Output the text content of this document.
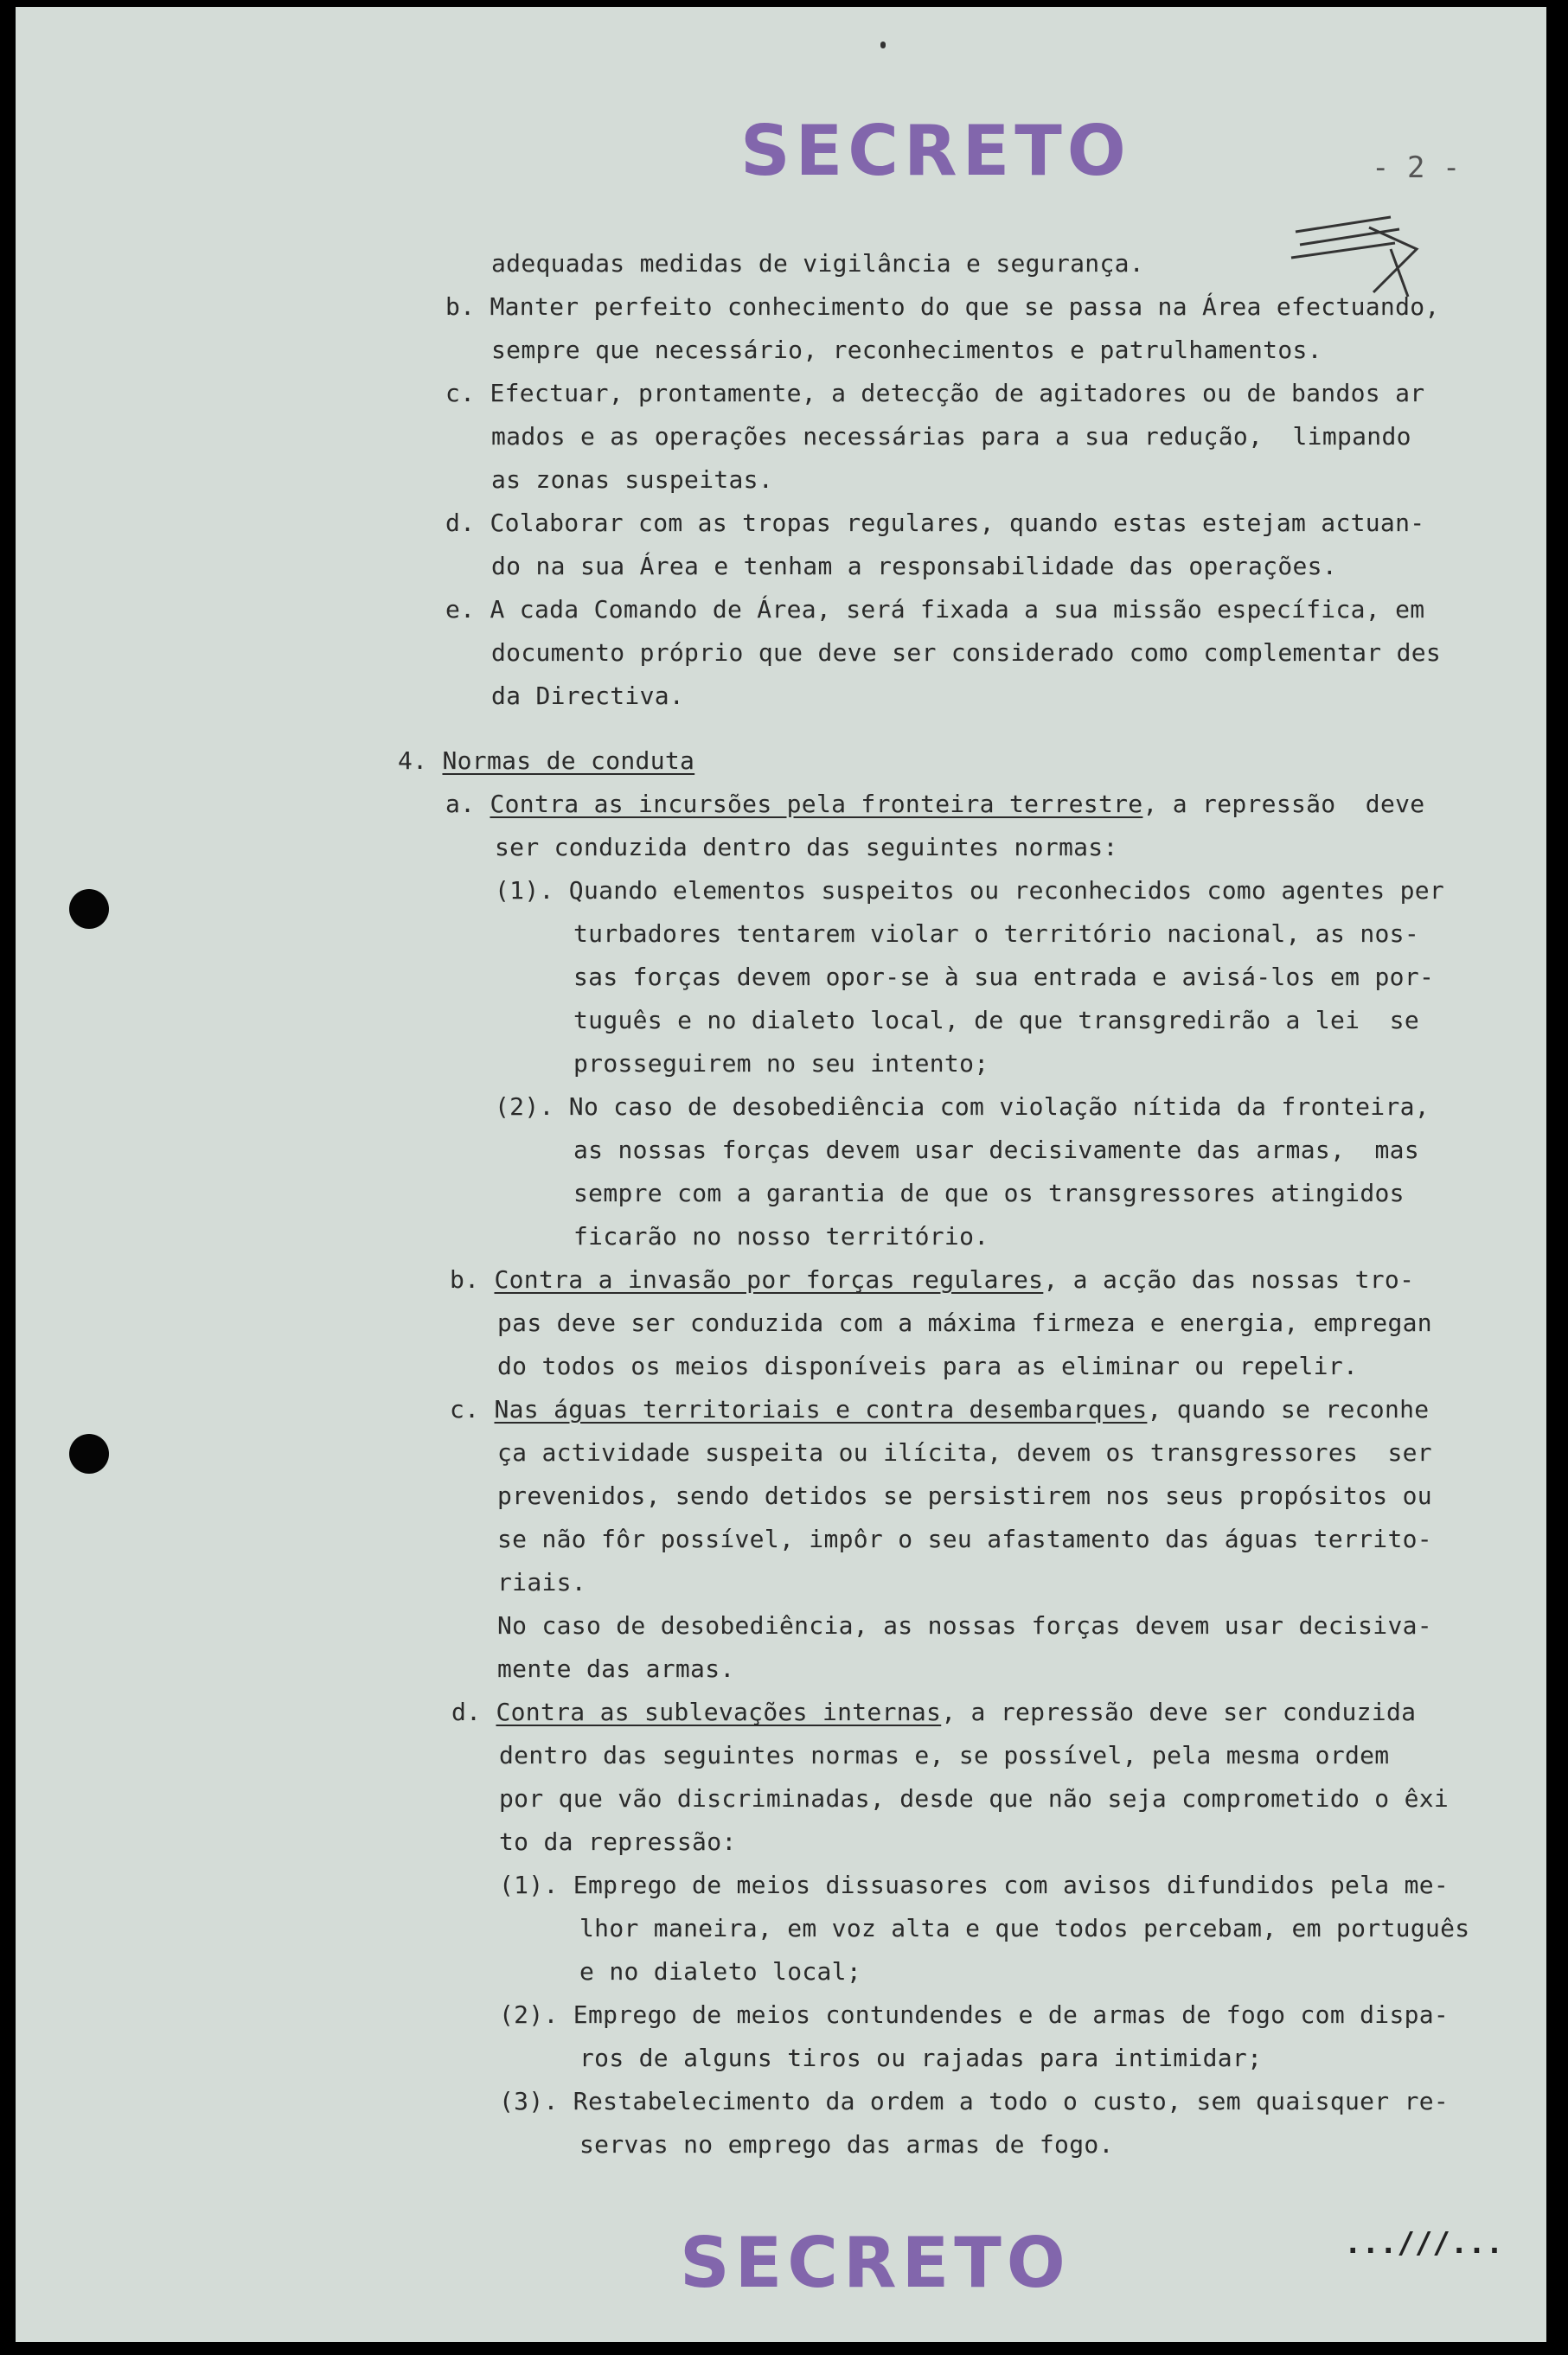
SECRETO	- 2 -
adequadas medidas de vigilância e segurança.
b. Manter perfeito conhecimento do que se passa na Área efectuando,
sempre que necessário, reconhecimentos e patrulhamentos.
c. Efectuar, prontamente, a detecção de agitadores ou de bandos ar
mados e as operações necessárias para a sua redução,  limpando
as zonas suspeitas.
d. Colaborar com as tropas regulares, quando estas estejam actuan-
do na sua Área e tenham a responsabilidade das operações.
e. A cada Comando de Área, será fixada a sua missão específica, em
documento próprio que deve ser considerado como complementar des
da Directiva.
4. Normas de conduta
a. Contra as incursões pela fronteira terrestre, a repressão  deve
ser conduzida dentro das seguintes normas:
(1). Quando elementos suspeitos ou reconhecidos como agentes per
turbadores tentarem violar o território nacional, as nos-
sas forças devem opor-se à sua entrada e avisá-los em por-
tuguês e no dialeto local, de que transgredirão a lei  se
prosseguirem no seu intento;
(2). No caso de desobediência com violação nítida da fronteira,
as nossas forças devem usar decisivamente das armas,  mas
sempre com a garantia de que os transgressores atingidos
ficarão no nosso território.
b. Contra a invasão por forças regulares, a acção das nossas tro-
pas deve ser conduzida com a máxima firmeza e energia, empregan
do todos os meios disponíveis para as eliminar ou repelir.
c. Nas águas territoriais e contra desembarques, quando se reconhe
ça actividade suspeita ou ilícita, devem os transgressores  ser
prevenidos, sendo detidos se persistirem nos seus propósitos ou
se não fôr possível, impôr o seu afastamento das águas territo-
riais.
No caso de desobediência, as nossas forças devem usar decisiva-
mente das armas.
d. Contra as sublevações internas, a repressão deve ser conduzida
dentro das seguintes normas e, se possível, pela mesma ordem
por que vão discriminadas, desde que não seja comprometido o êxi
to da repressão:
(1). Emprego de meios dissuasores com avisos difundidos pela me-
lhor maneira, em voz alta e que todos percebam, em português
e no dialeto local;
(2). Emprego de meios contundendes e de armas de fogo com dispa-
ros de alguns tiros ou rajadas para intimidar;
(3). Restabelecimento da ordem a todo o custo, sem quaisquer re-
servas no emprego das armas de fogo.
SECRETO	...///...
